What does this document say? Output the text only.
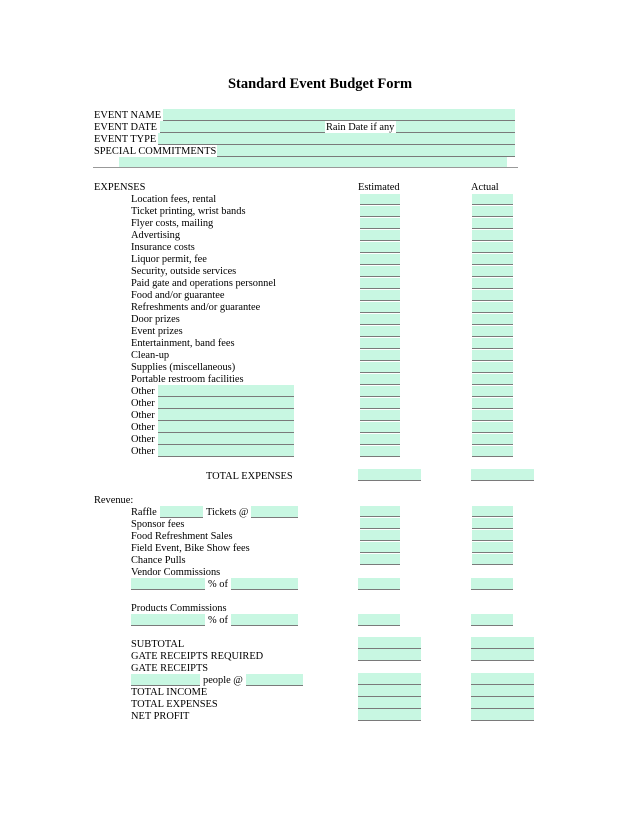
Standard Event Budget Form
EVENT NAME
EVENT DATE	Rain Date if any
EVENT TYPE
SPECIAL COMMITMENTS
EXPENSES	Estimated	Actual
Location fees, rental
Ticket printing, wrist bands
Flyer costs, mailing
Advertising
Insurance costs
Liquor permit, fee
Security, outside services
Paid gate and operations personnel
Food and/or guarantee
Refreshments and/or guarantee
Door prizes
Event prizes
Entertainment, band fees
Clean-up
Supplies (miscellaneous)
Portable restroom facilities
Other
Other
Other
Other
Other
Other
TOTAL EXPENSES
Revenue:
Raffle	Tickets @
Sponsor fees
Food Refreshment Sales
Field Event, Bike Show fees
Chance Pulls
Vendor Commissions
% of
Products Commissions
% of
SUBTOTAL
GATE RECEIPTS REQUIRED
GATE RECEIPTS
people @
TOTAL INCOME
TOTAL EXPENSES
NET PROFIT
